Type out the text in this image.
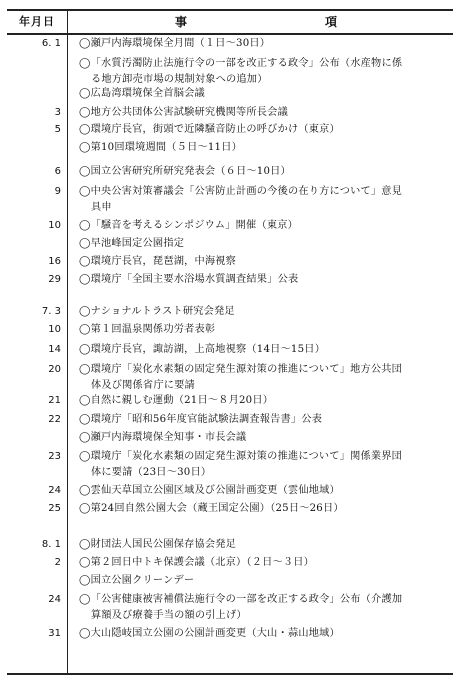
年月日	事	項
6. 1 ◯瀬戸内海環境保全月間（１日〜30日）
◯「水質汚濁防止法施行令の一部を改正する政令」公布（水産物に係
る地方卸売市場の規制対象への追加）
◯広島湾環境保全首脳会議
3 ◯地方公共団体公害試験研究機関等所長会議
5 ◯環境庁長官，街頭で近隣騒音防止の呼びかけ（東京）
◯第10回環境週間（５日〜11日）
6 ◯国立公害研究所研究発表会（６日〜10日）
9 ◯中央公害対策審議会「公害防止計画の今後の在り方について」意見
具申
10 ◯「騒音を考えるシンポジウム」開催（東京）
◯早池峰国定公園指定
16 ◯環境庁長官，琵琶湖，中海視察
29 ◯環境庁「全国主要水浴場水質調査結果」公表
7. 3 ◯ナショナルトラスト研究会発足
10 ◯第１回温泉関係功労者表彰
14 ◯環境庁長官，諏訪湖，上高地視察（14日〜15日）
20 ◯環境庁「炭化水素類の固定発生源対策の推進について」地方公共団
体及び関係省庁に要請
21 ◯自然に親しむ運動（21日〜８月20日）
22 ◯環境庁「昭和56年度官能試験法調査報告書」公表
◯瀬戸内海環境保全知事・市長会議
23 ◯環境庁「炭化水素類の固定発生源対策の推進について」関係業界団
体に要請（23日〜30日）
24 ◯雲仙天草国立公園区域及び公園計画変更（雲仙地域）
25 ◯第24回自然公園大会（蔵王国定公園）（25日〜26日）
8. 1 ◯財団法人国民公園保存協会発足
2 ◯第２回日中トキ保護会議（北京）（２日〜３日）
◯国立公園クリーンデー
24 ◯「公害健康被害補償法施行令の一部を改正する政令」公布（介護加
算額及び療養手当の額の引上げ）
31 ◯大山隠岐国立公園の公園計画変更（大山・蒜山地域）
